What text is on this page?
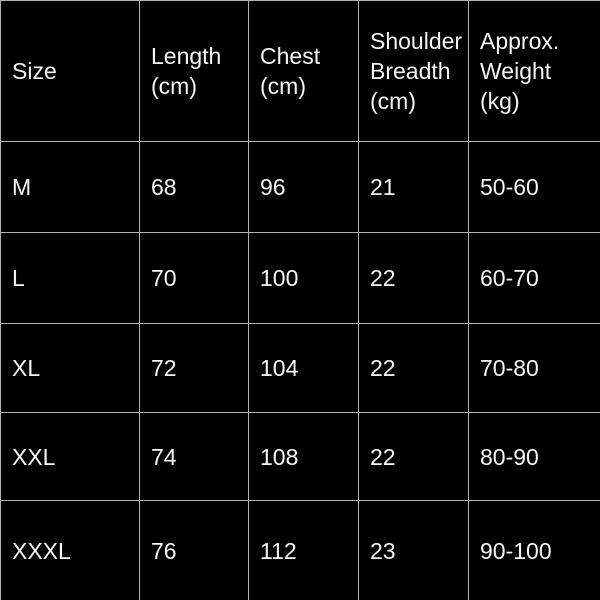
Size	Length (cm)	Chest (cm)	Shoulder Breadth (cm)	Approx. Weight (kg)
M	68	96	21	50-60
L	70	100	22	60-70
XL	72	104	22	70-80
XXL	74	108	22	80-90
XXXL	76	112	23	90-100
